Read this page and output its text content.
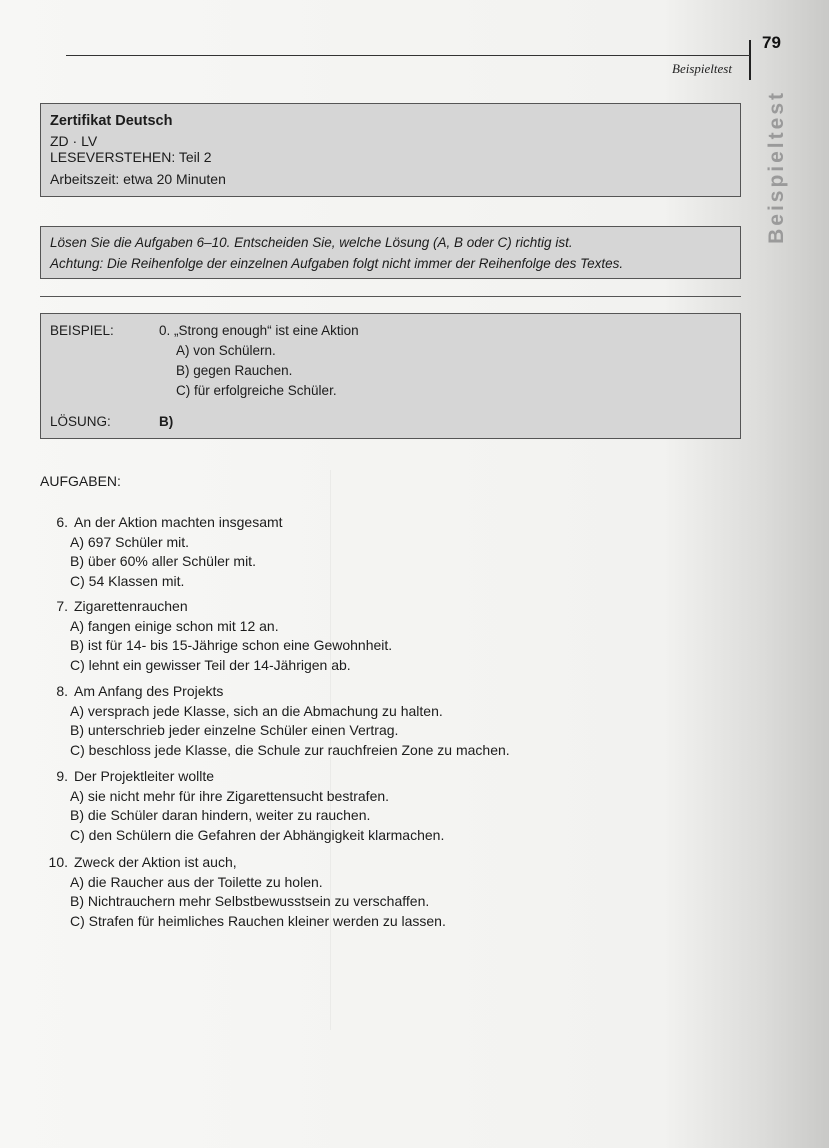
79
Beispieltest
Beispieltest
Zertifikat Deutsch
ZD · LV
LESEVERSTEHEN: Teil 2
Arbeitszeit: etwa 20 Minuten
Lösen Sie die Aufgaben 6–10. Entscheiden Sie, welche Lösung (A, B oder C) richtig ist.
Achtung: Die Reihenfolge der einzelnen Aufgaben folgt nicht immer der Reihenfolge des Textes.
BEISPIEL:	0. „Strong enough“ ist eine Aktion
A) von Schülern.
B) gegen Rauchen.
C) für erfolgreiche Schüler.
LÖSUNG:	B)
AUFGABEN:
6. An der Aktion machten insgesamt
A) 697 Schüler mit.
B) über 60% aller Schüler mit.
C) 54 Klassen mit.
7. Zigarettenrauchen
A) fangen einige schon mit 12 an.
B) ist für 14- bis 15-Jährige schon eine Gewohnheit.
C) lehnt ein gewisser Teil der 14-Jährigen ab.
8. Am Anfang des Projekts
A) versprach jede Klasse, sich an die Abmachung zu halten.
B) unterschrieb jeder einzelne Schüler einen Vertrag.
C) beschloss jede Klasse, die Schule zur rauchfreien Zone zu machen.
9. Der Projektleiter wollte
A) sie nicht mehr für ihre Zigarettensucht bestrafen.
B) die Schüler daran hindern, weiter zu rauchen.
C) den Schülern die Gefahren der Abhängigkeit klarmachen.
10. Zweck der Aktion ist auch,
A) die Raucher aus der Toilette zu holen.
B) Nichtrauchern mehr Selbstbewusstsein zu verschaffen.
C) Strafen für heimliches Rauchen kleiner werden zu lassen.
